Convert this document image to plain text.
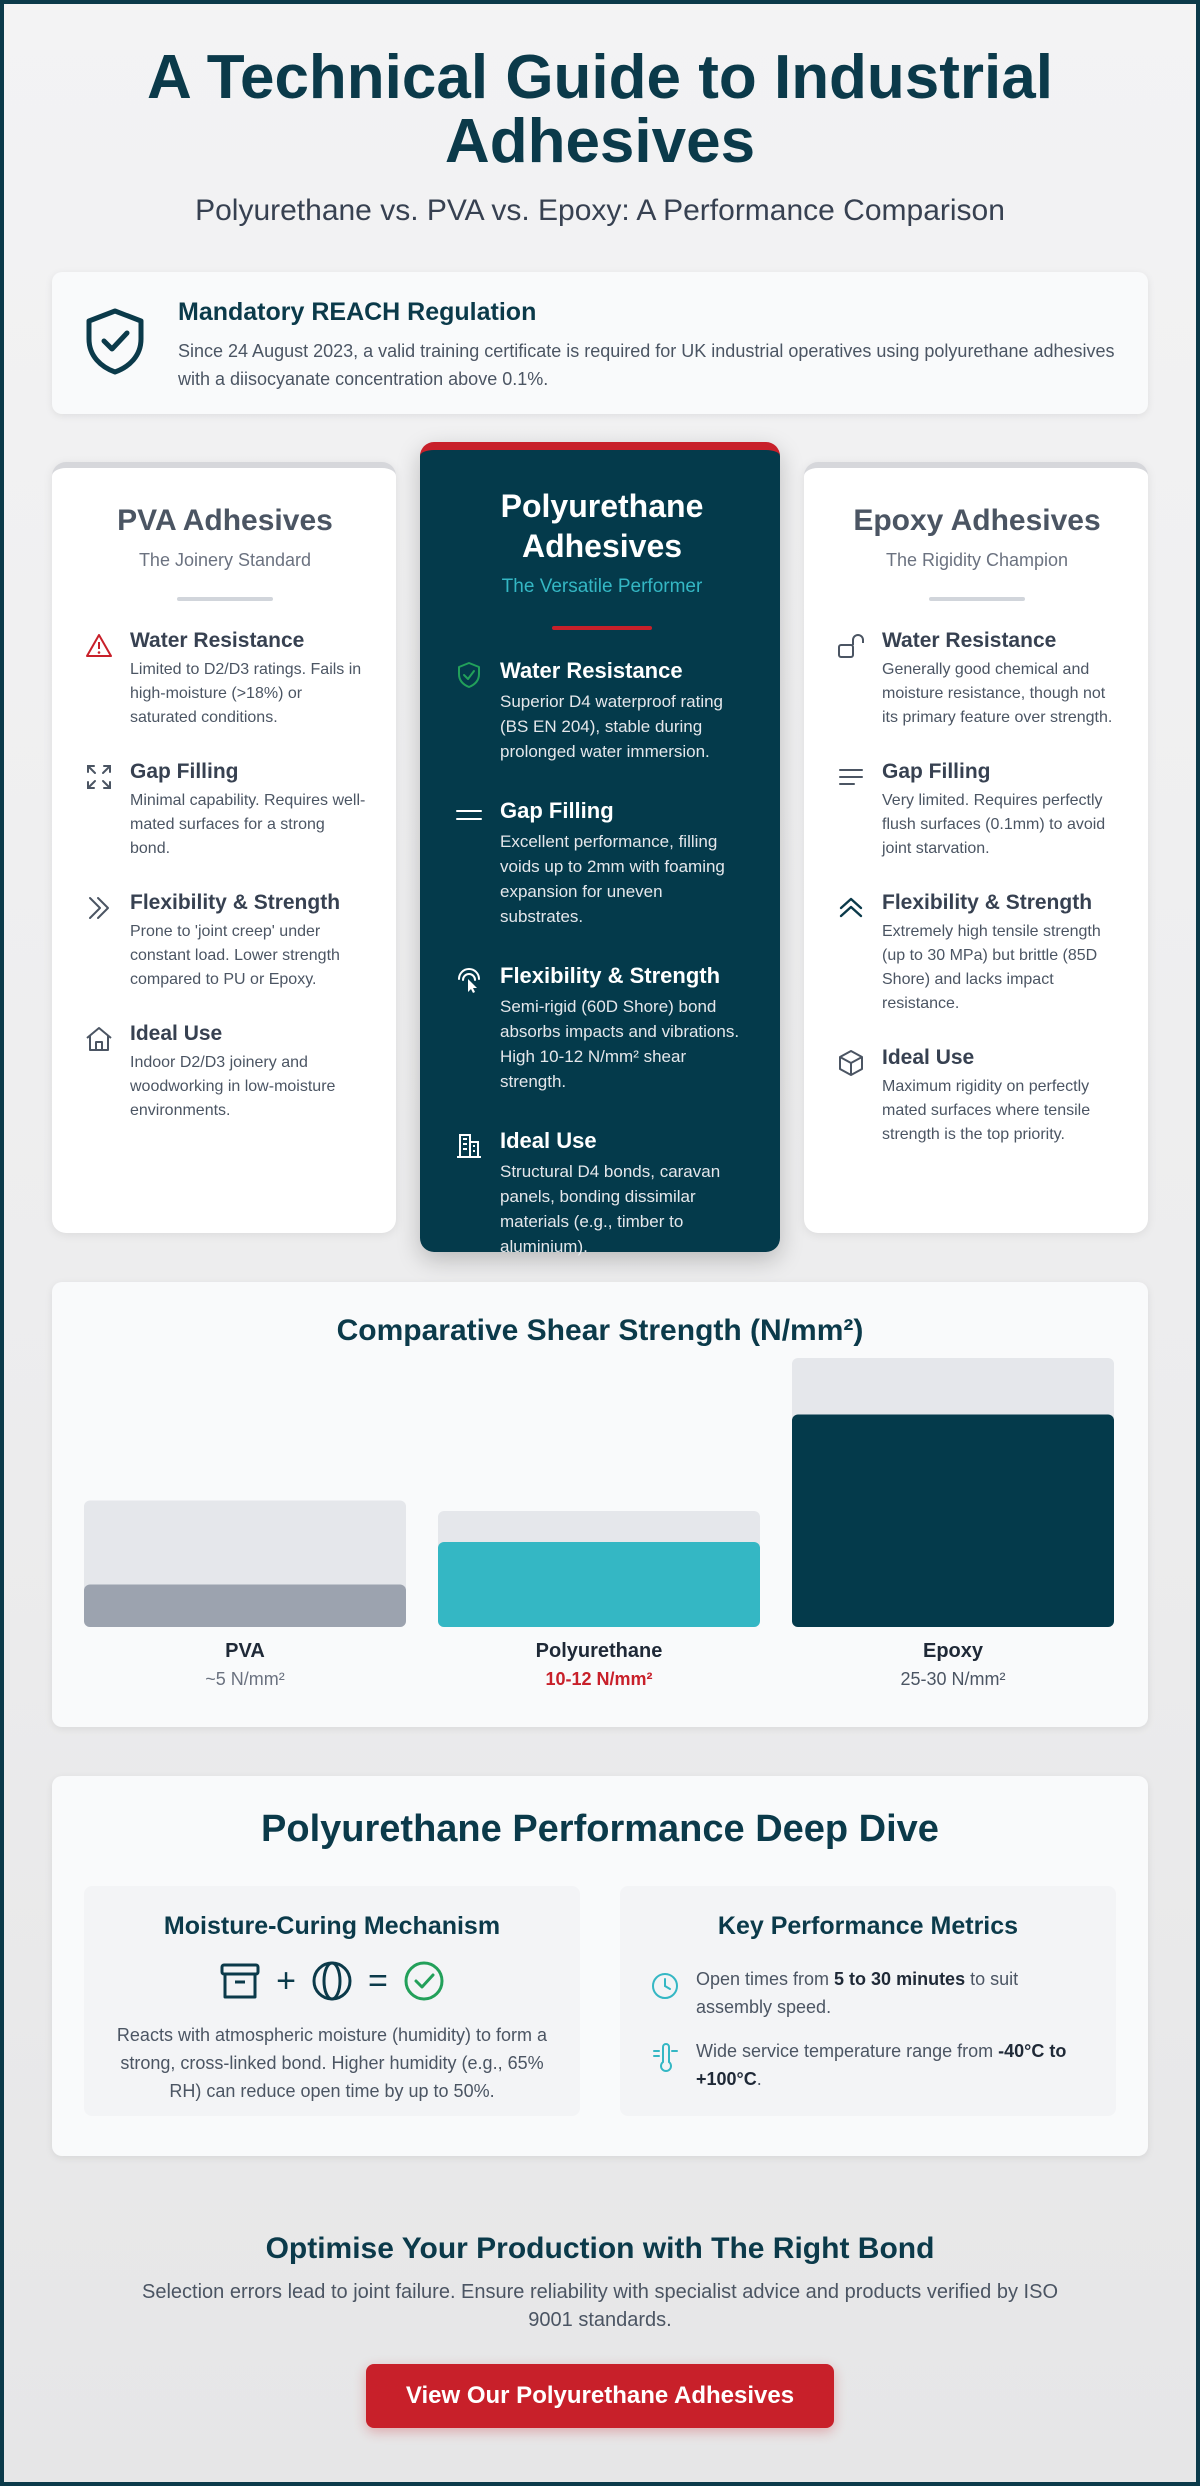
A Technical Guide to Industrial Adhesives
Polyurethane vs. PVA vs. Epoxy: A Performance Comparison
Mandatory REACH Regulation

Since 24 August 2023, a valid training certificate is required for UK industrial operatives using polyurethane adhesives with a diisocyanate concentration above 0.1%.

PVA Adhesives
The Joinery Standard
Water Resistance

Limited to D2/D3 ratings. Fails in high-moisture (>18%) or saturated conditions.

Gap Filling

Minimal capability. Requires well-mated surfaces for a strong bond.

Flexibility & Strength

Prone to 'joint creep' under constant load. Lower strength compared to PU or Epoxy.

Ideal Use

Indoor D2/D3 joinery and woodworking in low-moisture environments.

Polyurethane Adhesives
The Versatile Performer
Water Resistance

Superior D4 waterproof rating (BS EN 204), stable during prolonged water immersion.

Gap Filling

Excellent performance, filling voids up to 2mm with foaming expansion for uneven substrates.

Flexibility & Strength

Semi-rigid (60D Shore) bond absorbs impacts and vibrations. High 10-12 N/mm² shear strength.

Ideal Use

Structural D4 bonds, caravan panels, bonding dissimilar materials (e.g., timber to aluminium).

Epoxy Adhesives
The Rigidity Champion
Water Resistance

Generally good chemical and moisture resistance, though not its primary feature over strength.

Gap Filling

Very limited. Requires perfectly flush surfaces (0.1mm) to avoid joint starvation.

Flexibility & Strength

Extremely high tensile strength (up to 30 MPa) but brittle (85D Shore) and lacks impact resistance.

Ideal Use

Maximum rigidity on perfectly mated surfaces where tensile strength is the top priority.

Comparative Shear Strength (N/mm²)
PVA
~5 N/mm²
Polyurethane
10-12 N/mm²
Epoxy
25-30 N/mm²
Polyurethane Performance Deep Dive
Moisture-Curing Mechanism
+ =

Reacts with atmospheric moisture (humidity) to form a strong, cross-linked bond. Higher humidity (e.g., 65% RH) can reduce open time by up to 50%.

Key Performance Metrics

Open times from 5 to 30 minutes to suit assembly speed.

Wide service temperature range from -40°C to +100°C.

Optimise Your Production with The Right Bond

Selection errors lead to joint failure. Ensure reliability with specialist advice and products verified by ISO 9001 standards.

View Our Polyurethane Adhesives
